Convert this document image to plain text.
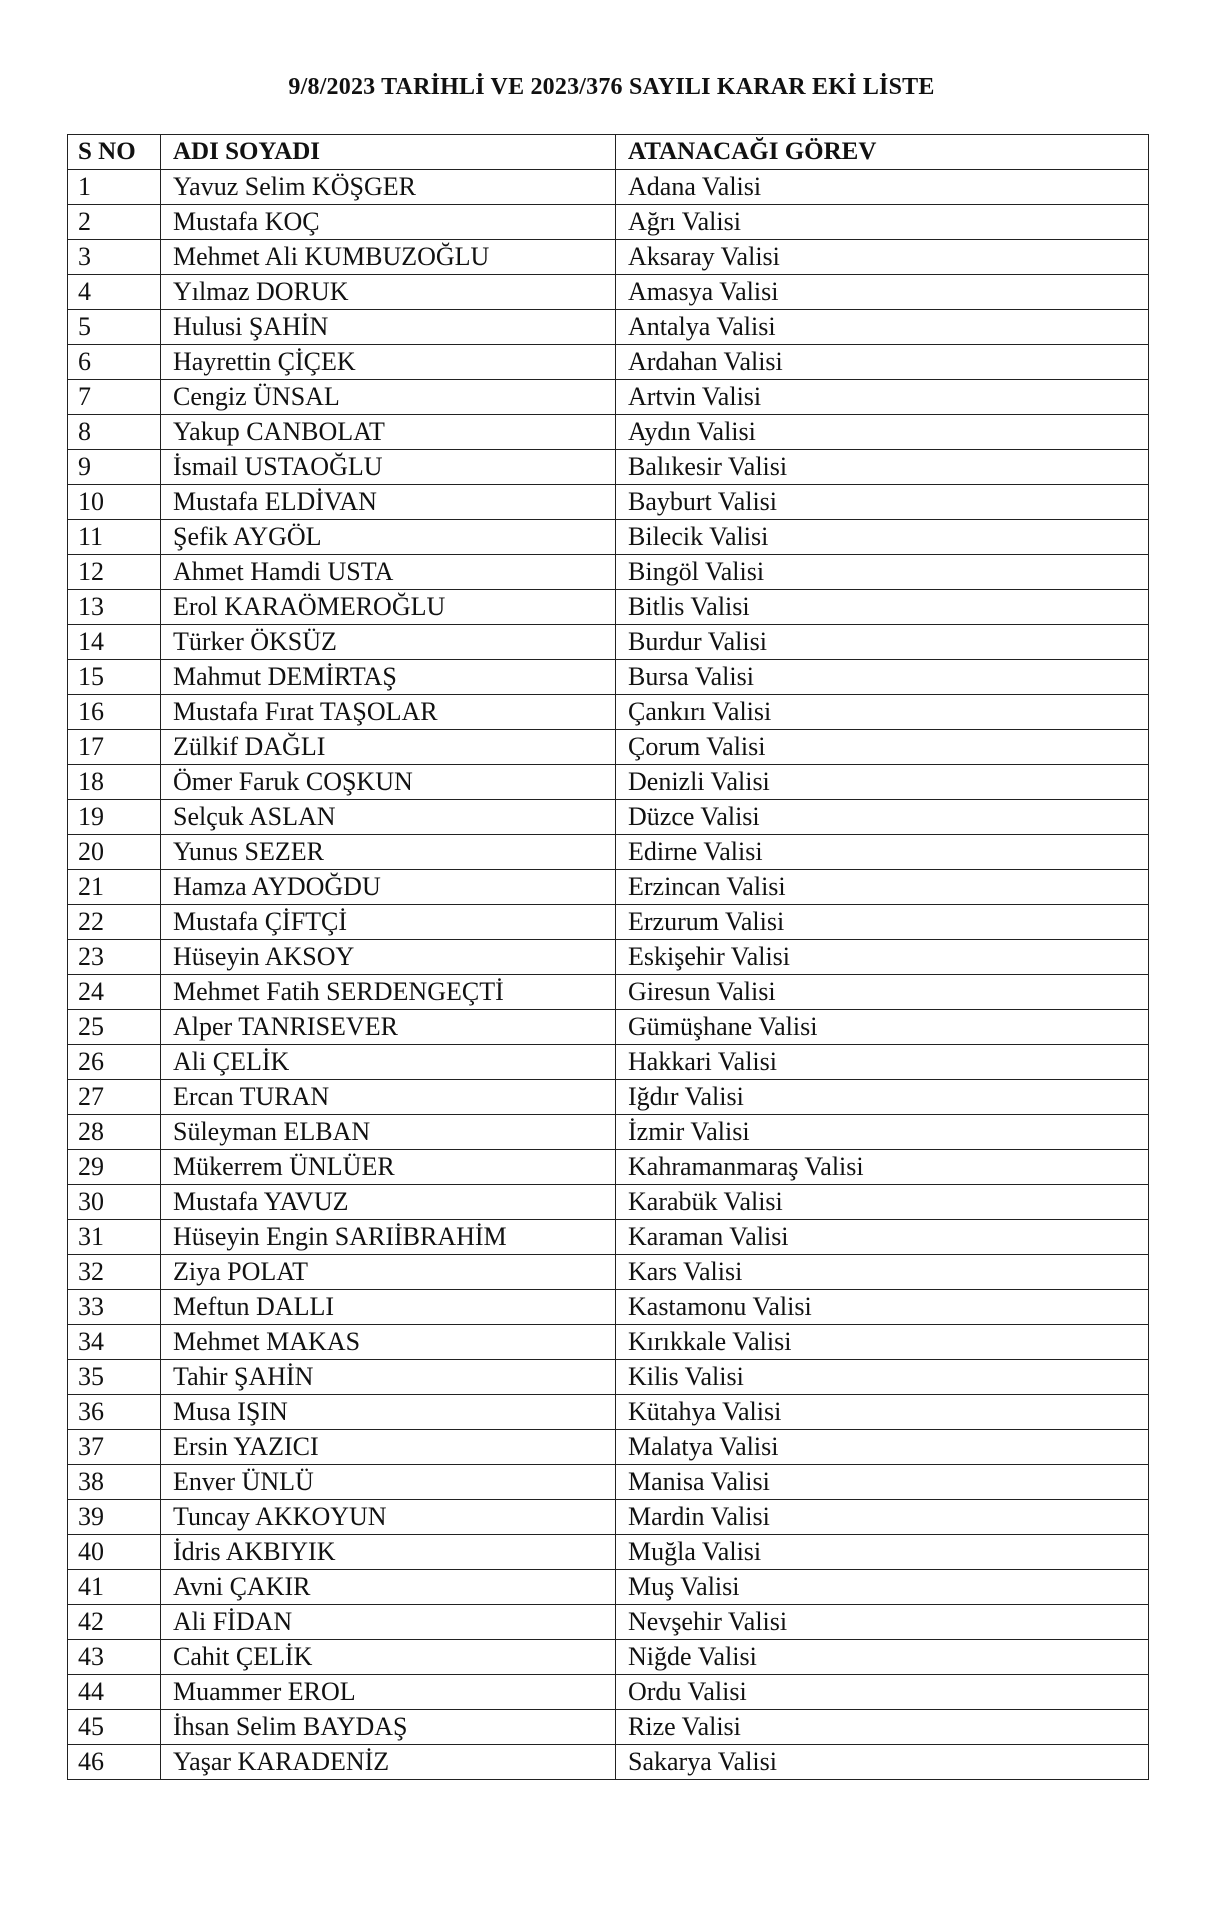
9/8/2023 TARİHLİ VE 2023/376 SAYILI KARAR EKİ LİSTE
S NO	ADI SOYADI	ATANACAĞI GÖREV
1	Yavuz Selim KÖŞGER	Adana Valisi
2	Mustafa KOÇ	Ağrı Valisi
3	Mehmet Ali KUMBUZOĞLU	Aksaray Valisi
4	Yılmaz DORUK	Amasya Valisi
5	Hulusi ŞAHİN	Antalya Valisi
6	Hayrettin ÇİÇEK	Ardahan Valisi
7	Cengiz ÜNSAL	Artvin Valisi
8	Yakup CANBOLAT	Aydın Valisi
9	İsmail USTAOĞLU	Balıkesir Valisi
10	Mustafa ELDİVAN	Bayburt Valisi
11	Şefik AYGÖL	Bilecik Valisi
12	Ahmet Hamdi USTA	Bingöl Valisi
13	Erol KARAÖMEROĞLU	Bitlis Valisi
14	Türker ÖKSÜZ	Burdur Valisi
15	Mahmut DEMİRTAŞ	Bursa Valisi
16	Mustafa Fırat TAŞOLAR	Çankırı Valisi
17	Zülkif DAĞLI	Çorum Valisi
18	Ömer Faruk COŞKUN	Denizli Valisi
19	Selçuk ASLAN	Düzce Valisi
20	Yunus SEZER	Edirne Valisi
21	Hamza AYDOĞDU	Erzincan Valisi
22	Mustafa ÇİFTÇİ	Erzurum Valisi
23	Hüseyin AKSOY	Eskişehir Valisi
24	Mehmet Fatih SERDENGEÇTİ	Giresun Valisi
25	Alper TANRISEVER	Gümüşhane Valisi
26	Ali ÇELİK	Hakkari Valisi
27	Ercan TURAN	Iğdır Valisi
28	Süleyman ELBAN	İzmir Valisi
29	Mükerrem ÜNLÜER	Kahramanmaraş Valisi
30	Mustafa YAVUZ	Karabük Valisi
31	Hüseyin Engin SARIİBRAHİM	Karaman Valisi
32	Ziya POLAT	Kars Valisi
33	Meftun DALLI	Kastamonu Valisi
34	Mehmet MAKAS	Kırıkkale Valisi
35	Tahir ŞAHİN	Kilis Valisi
36	Musa IŞIN	Kütahya Valisi
37	Ersin YAZICI	Malatya Valisi
38	Enver ÜNLÜ	Manisa Valisi
39	Tuncay AKKOYUN	Mardin Valisi
40	İdris AKBIYIK	Muğla Valisi
41	Avni ÇAKIR	Muş Valisi
42	Ali FİDAN	Nevşehir Valisi
43	Cahit ÇELİK	Niğde Valisi
44	Muammer EROL	Ordu Valisi
45	İhsan Selim BAYDAŞ	Rize Valisi
46	Yaşar KARADENİZ	Sakarya Valisi
